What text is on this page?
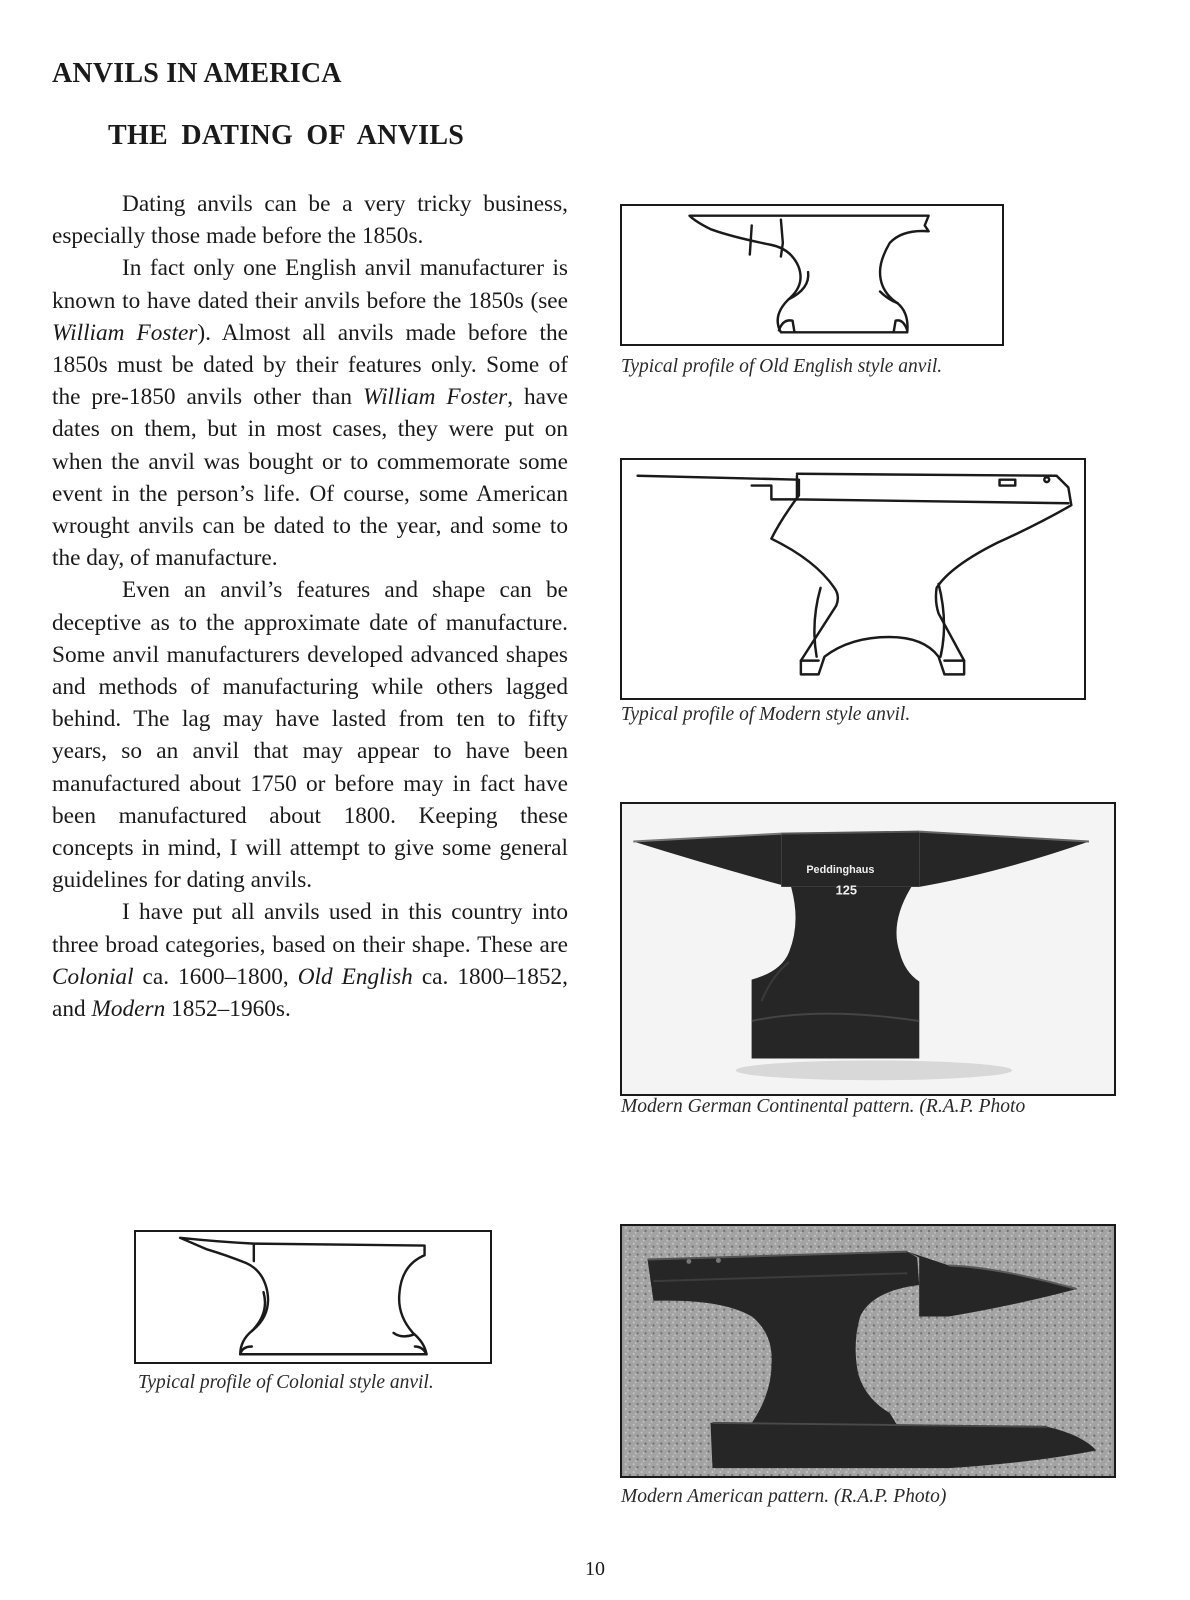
ANVILS IN AMERICA
THE DATING OF ANVILS

Dating anvils can be a very tricky business, especially those made before the 1850s.

In fact only one English anvil manufacturer is known to have dated their anvils before the 1850s (see William Foster). Almost all anvils made before the 1850s must be dated by their features only. Some of the pre-1850 anvils other than William Foster, have dates on them, but in most cases, they were put on when the anvil was bought or to commemorate some event in the person’s life. Of course, some American wrought anvils can be dated to the year, and some to the day, of manufacture.

Even an anvil’s features and shape can be deceptive as to the approximate date of manufacture. Some anvil manufacturers developed advanced shapes and methods of manufacturing while others lagged behind. The lag may have lasted from ten to fifty years, so an anvil that may appear to have been manufactured about 1750 or before may in fact have been manufactured about 1800. Keeping these concepts in mind, I will attempt to give some general guidelines for dating anvils.

I have put all anvils used in this country into three broad categories, based on their shape. These are Colonial ca. 1600–1800, Old English ca. 1800–1852, and Modern 1852–1960s.

Typical profile of Old English style anvil.
Typical profile of Modern style anvil.
Peddinghaus
125
Modern German Continental pattern. (R.A.P. Photo
Typical profile of Colonial style anvil.
Modern American pattern. (R.A.P. Photo)
10
